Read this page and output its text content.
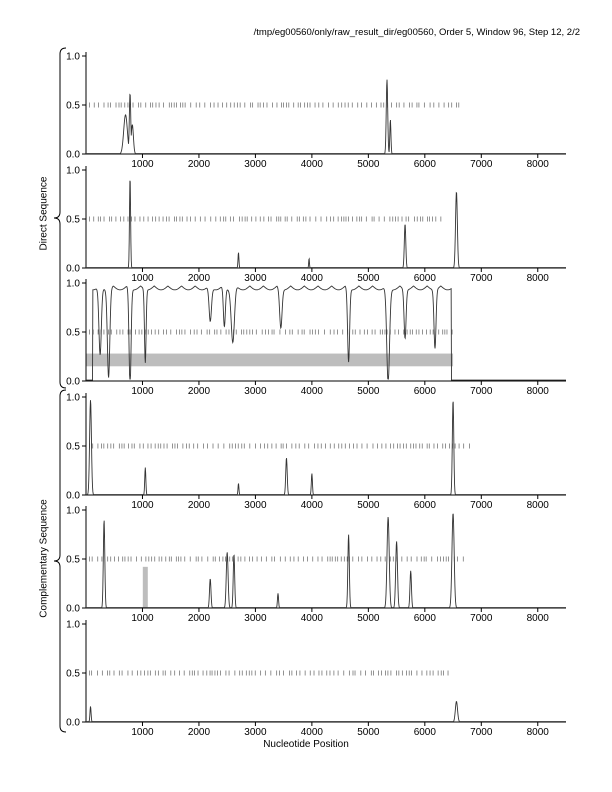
0.0
0.5
1.0
1000	2000	3000	4000	5000	6000	7000	8000
0.0
0.5
1.0
1000	2000	3000	4000	5000	6000	7000	8000
0.0
0.5
1.0
1000	2000	3000	4000	5000	6000	7000	8000
0.0
0.5
1.0
1000	2000	3000	4000	5000	6000	7000	8000
0.0
0.5
1.0
1000	2000	3000	4000	5000	6000	7000	8000
0.0
0.5
1.0
1000	2000	3000	4000	5000	6000	7000	8000
/tmp/eg00560/only/raw_result_dir/eg00560, Order 5, Window 96, Step 12, 2/2
Direct Sequence
Complementary Sequence
Nucleotide Position
